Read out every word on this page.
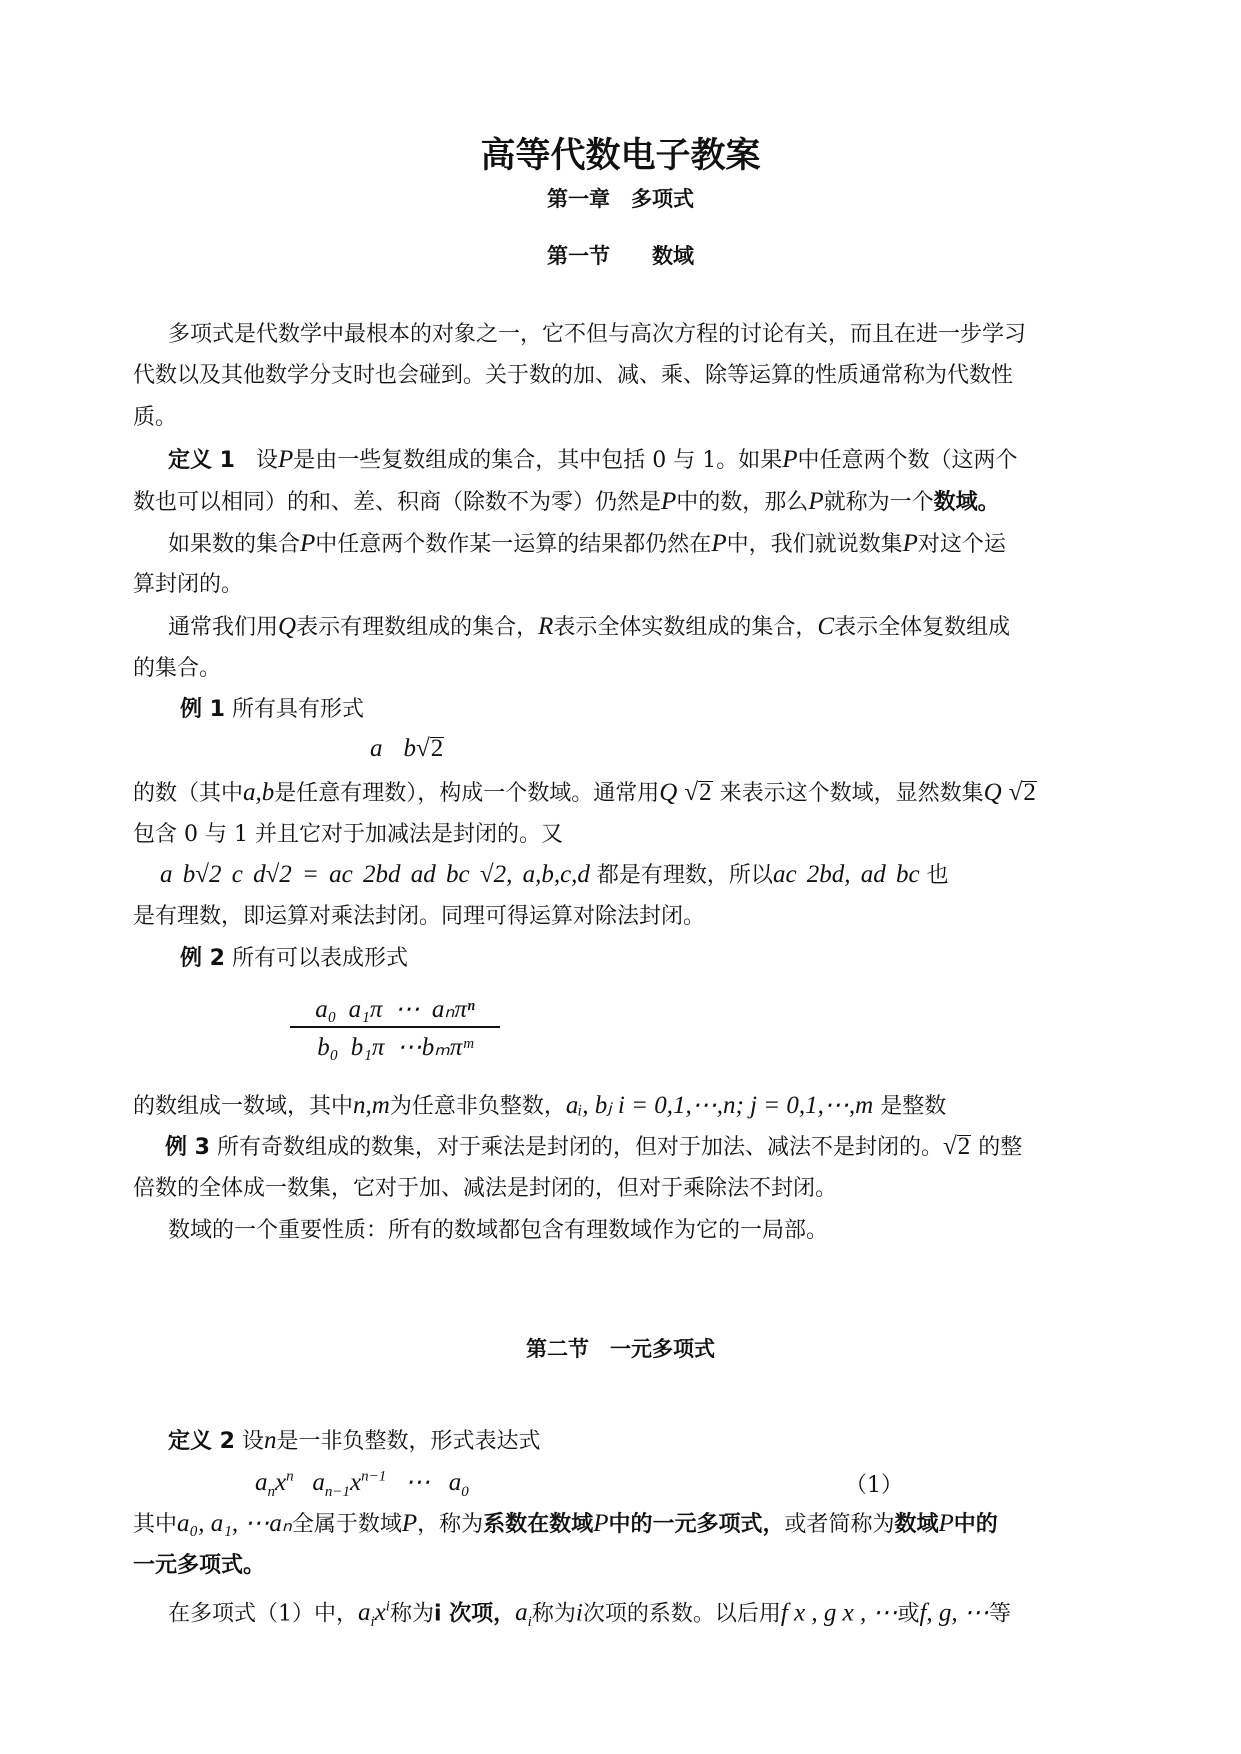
高等代数电子教案
第一章　多项式
第一节　　数域
多项式是代数学中最根本的对象之一，它不但与高次方程的讨论有关，而且在进一步学习
代数以及其他数学分支时也会碰到。关于数的加、减、乘、除等运算的性质通常称为代数性
质。
定义 1 设P是由一些复数组成的集合，其中包括 0 与 1。如果P中任意两个数（这两个
数也可以相同）的和、差、积商（除数不为零）仍然是P中的数，那么P就称为一个数域。
如果数的集合P中任意两个数作某一运算的结果都仍然在P中，我们就说数集P对这个运
算封闭的。
通常我们用Q表示有理数组成的集合，R表示全体实数组成的集合，C表示全体复数组成
的集合。
例 1 所有具有形式
a b√2
的数（其中a,b是任意有理数），构成一个数域。通常用Q √2 来表示这个数域，显然数集Q √2
包含 0 与 1 并且它对于加减法是封闭的。又
a b√2 c d√2 = ac 2bd ad bc √2, a,b,c,d 都是有理数，所以ac 2bd, ad bc 也
是有理数，即运算对乘法封闭。同理可得运算对除法封闭。
例 2 所有可以表成形式
a₀ a₁π ⋯ aₙπⁿ
b₀ b₁π ⋯bₘπᵐ
的数组成一数域，其中n,m为任意非负整数，aᵢ, bⱼ i = 0,1,⋯,n; j = 0,1,⋯,m 是整数
例 3 所有奇数组成的数集，对于乘法是封闭的，但对于加法、减法不是封闭的。√2 的整
倍数的全体成一数集，它对于加、减法是封闭的，但对于乘除法不封闭。
数域的一个重要性质：所有的数域都包含有理数域作为它的一局部。
第二节　一元多项式
定义 2 设n是一非负整数，形式表达式
$a_nx^n$   $a_{n-1}x^{n-1}$   ⋯   $a_0$	（1）
其中a₀, a₁, ⋯aₙ全属于数域P，称为系数在数域P中的一元多项式，或者简称为数域P中的
一元多项式。
在多项式（1）中，$a_ix^i$称为i 次项，$a_i$称为i次项的系数。以后用f x , g x , ⋯或f, g, ⋯等
